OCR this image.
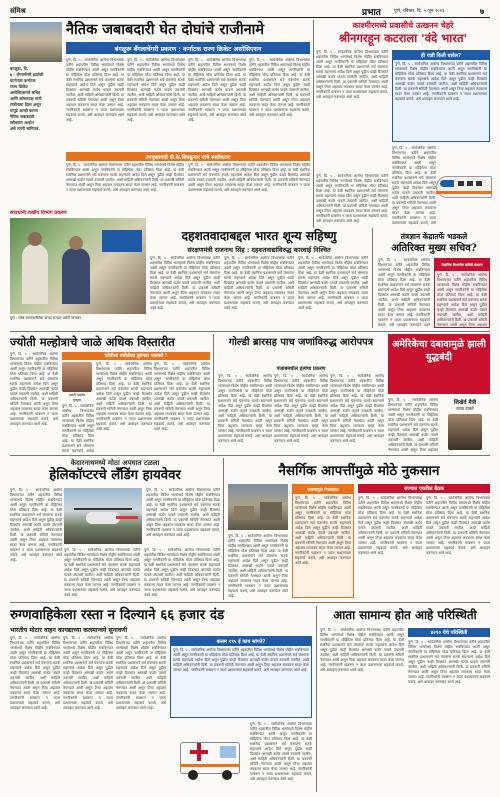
संमिश्र	प्रभात	पुणे, रविवार, दि. ५ जून २०२३	७
नैतिक जबाबदारी घेत दोघांचे राजीनामे
बंगळुरू बँगलाचेंगरी प्रकरण : कर्नाटक राज्य क्रिकेट असोसिएशन
बंगळुरू, दि.
७ - चेंगराचेंगरी झालेली
घटनेनंतर कर्नाटक
राज्य क्रिकेट
असोसिएशनचे सचिव
आणि कोषाध्यक्ष यांनी
राजीनामा दिला असून
यापुढे आम्ही कायम
नैतिक जबाबदारी
स्वीकारत आहोत
असे त्यांनी सांगितले.
पुणे, दि. ५ - सार्वजनिक आरोग्य विभागाच्या वतीने शहरातील विविध भागांमध्ये विशेष मोहीम राबविण्यात आली असून नागरिकांनी या मोहिमेला मोठा प्रतिसाद दिला आहे. या वेळी स्थानिक प्रशासनाने सर्व यंत्रणांना सतर्क राहण्याचे आदेश दिले असून पुढील काही दिवसांत आणखी कठोर पावले उचलली जातील, अशी माहिती अधिकाऱ्यांनी दिली. या प्रकरणी समिती नेमण्यात आली असून तिचा अहवाल लवकरच सादर केला जाणार आहे. नागरिकांनी घाबरून न जाता प्रशासनाला सहकार्य करावे, असे आवाहन करण्यात आले आहे.
पुणे, दि. ५ - सार्वजनिक आरोग्य विभागाच्या वतीने शहरातील विविध भागांमध्ये विशेष मोहीम राबविण्यात आली असून नागरिकांनी या मोहिमेला मोठा प्रतिसाद दिला आहे. या वेळी स्थानिक प्रशासनाने सर्व यंत्रणांना सतर्क राहण्याचे आदेश दिले असून पुढील काही दिवसांत आणखी कठोर पावले उचलली जातील, अशी माहिती अधिकाऱ्यांनी दिली. या प्रकरणी समिती नेमण्यात आली असून तिचा अहवाल लवकरच सादर केला जाणार आहे. नागरिकांनी घाबरून न जाता प्रशासनाला सहकार्य करावे, असे आवाहन करण्यात आले आहे.
पुणे, दि. ५ - सार्वजनिक आरोग्य विभागाच्या वतीने शहरातील विविध भागांमध्ये विशेष मोहीम राबविण्यात आली असून नागरिकांनी या मोहिमेला मोठा प्रतिसाद दिला आहे. या वेळी स्थानिक प्रशासनाने सर्व यंत्रणांना सतर्क राहण्याचे आदेश दिले असून पुढील काही दिवसांत आणखी कठोर पावले उचलली जातील, अशी माहिती अधिकाऱ्यांनी दिली. या प्रकरणी समिती नेमण्यात आली असून तिचा अहवाल लवकरच सादर केला जाणार आहे. नागरिकांनी घाबरून न जाता प्रशासनाला सहकार्य करावे, असे आवाहन करण्यात आले आहे.
पुणे, दि. ५ - सार्वजनिक आरोग्य विभागाच्या वतीने शहरातील विविध भागांमध्ये विशेष मोहीम राबविण्यात आली असून नागरिकांनी या मोहिमेला मोठा प्रतिसाद दिला आहे. या वेळी स्थानिक प्रशासनाने सर्व यंत्रणांना सतर्क राहण्याचे आदेश दिले असून पुढील काही दिवसांत आणखी कठोर पावले उचलली जातील, अशी माहिती अधिकाऱ्यांनी दिली. या प्रकरणी समिती नेमण्यात आली असून तिचा अहवाल लवकरच सादर केला जाणार आहे. नागरिकांनी घाबरून न जाता प्रशासनाला सहकार्य करावे, असे आवाहन करण्यात आले आहे.
उपमुख्यमंत्री डी.के.शिवकुमार यांचे स्पष्टीकरण
पुणे, दि. ५ - सार्वजनिक आरोग्य विभागाच्या वतीने शहरातील विविध भागांमध्ये विशेष मोहीम राबविण्यात आली असून नागरिकांनी या मोहिमेला मोठा प्रतिसाद दिला आहे. या वेळी स्थानिक प्रशासनाने सर्व यंत्रणांना सतर्क राहण्याचे आदेश दिले असून पुढील काही दिवसांत आणखी कठोर पावले उचलली जातील, अशी माहिती अधिकाऱ्यांनी दिली. या प्रकरणी समिती नेमण्यात आली असून तिचा अहवाल लवकरच सादर केला जाणार आहे. नागरिकांनी घाबरून न जाता प्रशासनाला सहकार्य करावे, असे आवाहन करण्यात आले आहे.
पुणे, दि. ५ - सार्वजनिक आरोग्य विभागाच्या वतीने शहरातील विविध भागांमध्ये विशेष मोहीम राबविण्यात आली असून नागरिकांनी या मोहिमेला मोठा प्रतिसाद दिला आहे. या वेळी स्थानिक प्रशासनाने सर्व यंत्रणांना सतर्क राहण्याचे आदेश दिले असून पुढील काही दिवसांत आणखी कठोर पावले उचलली जातील, अशी माहिती अधिकाऱ्यांनी दिली. या प्रकरणी समिती नेमण्यात आली असून तिचा अहवाल लवकरच सादर केला जाणार आहे. नागरिकांनी घाबरून न जाता प्रशासनाला सहकार्य करावे, असे आवाहन करण्यात आले आहे.
काश्मीरमध्ये प्रवासीचे उत्खनन चेहरे
श्रीनगरहून कटराला 'वंदे भारत'
पुणे, दि. ५ - सार्वजनिक आरोग्य विभागाच्या वतीने शहरातील विविध भागांमध्ये विशेष मोहीम राबविण्यात आली असून नागरिकांनी या मोहिमेला मोठा प्रतिसाद दिला आहे. या वेळी स्थानिक प्रशासनाने सर्व यंत्रणांना सतर्क राहण्याचे आदेश दिले असून पुढील काही दिवसांत आणखी कठोर पावले उचलली जातील, अशी माहिती अधिकाऱ्यांनी दिली. या प्रकरणी समिती नेमण्यात आली असून तिचा अहवाल लवकरच सादर केला जाणार आहे. नागरिकांनी घाबरून न जाता प्रशासनाला सहकार्य करावे, असे आवाहन करण्यात आले आहे.
ही गाडी किती धावेल?
पुणे, दि. ५ - सार्वजनिक आरोग्य विभागाच्या वतीने शहरातील विविध भागांमध्ये विशेष मोहीम राबविण्यात आली असून नागरिकांनी या मोहिमेला मोठा प्रतिसाद दिला आहे. या वेळी स्थानिक प्रशासनाने सर्व यंत्रणांना सतर्क राहण्याचे आदेश दिले असून पुढील काही दिवसांत आणखी कठोर पावले उचलली जातील, अशी माहिती अधिकाऱ्यांनी दिली. या प्रकरणी समिती नेमण्यात आली असून तिचा अहवाल लवकरच सादर केला जाणार आहे. नागरिकांनी घाबरून न जाता प्रशासनाला सहकार्य करावे, असे आवाहन करण्यात आले आहे.
पुणे, दि. ५ - सार्वजनिक आरोग्य विभागाच्या वतीने शहरातील विविध भागांमध्ये विशेष मोहीम राबविण्यात आली असून नागरिकांनी या मोहिमेला मोठा प्रतिसाद दिला आहे. या वेळी स्थानिक प्रशासनाने सर्व यंत्रणांना सतर्क राहण्याचे आदेश दिले असून पुढील काही दिवसांत आणखी कठोर पावले उचलली जातील, अशी माहिती अधिकाऱ्यांनी दिली. या प्रकरणी समिती नेमण्यात आली असून तिचा अहवाल लवकरच सादर केला जाणार आहे. नागरिकांनी घाबरून न जाता प्रशासनाला सहकार्य करावे, असे आवाहन करण्यात आले आहे.
पुणे, दि. ५ - सार्वजनिक आरोग्य विभागाच्या वतीने शहरातील विविध भागांमध्ये विशेष मोहीम राबविण्यात आली असून नागरिकांनी या मोहिमेला मोठा प्रतिसाद दिला आहे. या वेळी स्थानिक प्रशासनाने सर्व यंत्रणांना सतर्क राहण्याचे आदेश दिले असून पुढील काही दिवसांत आणखी कठोर पावले उचलली जातील, अशी माहिती अधिकाऱ्यांनी दिली. या प्रकरणी समिती नेमण्यात आली असून तिचा अहवाल लवकरच सादर केला जाणार आहे. नागरिकांनी घाबरून न जाता प्रशासनाला सहकार्य करावे, असे
सावधानी राखीव विभाग प्रकरण
पुणे : ज्येष्ठ स्वातंत्र्यसैनिक यांच्या सत्कार प्रसंगी मान्यवर.
दहशतवादाबद्दल भारत शून्य सहिष्णु
संरक्षणमंत्री राजनाथ सिंह : दहशतवाद्यांविरुद्ध कारवाई निश्चित
पुणे, दि. ५ - सार्वजनिक आरोग्य विभागाच्या वतीने शहरातील विविध भागांमध्ये विशेष मोहीम राबविण्यात आली असून नागरिकांनी या मोहिमेला मोठा प्रतिसाद दिला आहे. या वेळी स्थानिक प्रशासनाने सर्व यंत्रणांना सतर्क राहण्याचे आदेश दिले असून पुढील काही दिवसांत आणखी कठोर पावले उचलली जातील, अशी माहिती अधिकाऱ्यांनी दिली. या प्रकरणी समिती नेमण्यात आली असून तिचा अहवाल लवकरच सादर केला जाणार आहे. नागरिकांनी घाबरून न जाता प्रशासनाला सहकार्य करावे, असे आवाहन करण्यात आले आहे.
पुणे, दि. ५ - सार्वजनिक आरोग्य विभागाच्या वतीने शहरातील विविध भागांमध्ये विशेष मोहीम राबविण्यात आली असून नागरिकांनी या मोहिमेला मोठा प्रतिसाद दिला आहे. या वेळी स्थानिक प्रशासनाने सर्व यंत्रणांना सतर्क राहण्याचे आदेश दिले असून पुढील काही दिवसांत आणखी कठोर पावले उचलली जातील, अशी माहिती अधिकाऱ्यांनी दिली. या प्रकरणी समिती नेमण्यात आली असून तिचा अहवाल लवकरच सादर केला जाणार आहे. नागरिकांनी घाबरून न जाता प्रशासनाला सहकार्य करावे, असे आवाहन करण्यात आले आहे.
पुणे, दि. ५ - सार्वजनिक आरोग्य विभागाच्या वतीने शहरातील विविध भागांमध्ये विशेष मोहीम राबविण्यात आली असून नागरिकांनी या मोहिमेला मोठा प्रतिसाद दिला आहे. या वेळी स्थानिक प्रशासनाने सर्व यंत्रणांना सतर्क राहण्याचे आदेश दिले असून पुढील काही दिवसांत आणखी कठोर पावले उचलली जातील, अशी माहिती अधिकाऱ्यांनी दिली. या प्रकरणी समिती नेमण्यात आली असून तिचा अहवाल लवकरच सादर केला जाणार आहे. नागरिकांनी घाबरून न जाता प्रशासनाला सहकार्य करावे, असे आवाहन करण्यात आले आहे.
तंत्रज्ञान केंद्रातर्फे भडकले
अतिरिक्त मुख्य सचिव?
पुणे, दि. ५ - सार्वजनिक आरोग्य विभागाच्या वतीने शहरातील विविध भागांमध्ये विशेष मोहीम राबविण्यात आली असून नागरिकांनी या मोहिमेला मोठा प्रतिसाद दिला आहे. या वेळी स्थानिक प्रशासनाने सर्व यंत्रणांना सतर्क राहण्याचे आदेश दिले असून पुढील काही दिवसांत आणखी कठोर पावले उचलली जातील, अशी माहिती अधिकाऱ्यांनी दिली. या प्रकरणी समिती नेमण्यात आली असून तिचा अहवाल लवकरच सादर केला जाणार आहे. नागरिकांनी घाबरून न जाता प्रशासनाला सहकार्य करावे, असे आवाहन करण्यात आले
वैज्ञानिक विभागीय कमिटी प्रकरण
पुणे, दि. ५ - सार्वजनिक आरोग्य विभागाच्या वतीने शहरातील विविध भागांमध्ये विशेष मोहीम राबविण्यात आली असून नागरिकांनी या मोहिमेला मोठा प्रतिसाद दिला आहे. या वेळी स्थानिक प्रशासनाने सर्व यंत्रणांना सतर्क राहण्याचे आदेश दिले असून पुढील काही दिवसांत आणखी कठोर पावले उचलली जातील, अशी माहिती अधिकाऱ्यांनी दिली. या प्रकरणी समिती नेमण्यात आली असून तिचा अहवाल
ज्योती मल्होत्राचे जाळे अधिक विस्तारीत
कोठीला ज्योतीला तुरुंगात पाठवले !
पुणे, दि. ५ - सार्वजनिक आरोग्य विभागाच्या वतीने शहरातील विविध भागांमध्ये विशेष मोहीम राबविण्यात आली असून नागरिकांनी या मोहिमेला मोठा प्रतिसाद दिला आहे. या वेळी स्थानिक प्रशासनाने सर्व यंत्रणांना सतर्क राहण्याचे आदेश दिले असून पुढील काही दिवसांत आणखी कठोर पावले उचलली जातील, अशी माहिती अधिकाऱ्यांनी दिली. या प्रकरणी समिती नेमण्यात आली असून तिचा अहवाल लवकरच सादर केला जाणार आहे. नागरिकांनी घाबरून न जाता प्रशासनाला सहकार्य करावे, असे आवाहन करण्यात आले आहे.
ज्योती मल्होत्रा
युट्युबर
पुणे, दि. ५ - सार्वजनिक आरोग्य विभागाच्या वतीने शहरातील विविध भागांमध्ये विशेष मोहीम राबविण्यात आली असून नागरिकांनी या मोहिमेला मोठा प्रतिसाद दिला आहे. या वेळी स्थानिक प्रशासनाने सर्व यंत्रणांना सतर्क राहण्याचे आदेश दिले असून पुढील काही दिवसांत आणखी कठोर पावले उचलली जातील, अशी माहिती अधिकाऱ्यांनी दिली. या प्रकरणी समिती नेमण्यात आली असून तिचा अहवाल लवकरच सादर केला जाणार आहे. नागरिकांनी घाबरून न जाता प्रशासनाला सहकार्य करावे, असे आवाहन करण्यात आले आहे.
पुणे, दि. ५ - सार्वजनिक आरोग्य विभागाच्या वतीने शहरातील विविध भागांमध्ये विशेष मोहीम राबविण्यात आली असून नागरिकांनी या मोहिमेला मोठा प्रतिसाद दिला आहे. या वेळी स्थानिक प्रशासनाने सर्व यंत्रणांना सतर्क राहण्याचे आदेश दिले असून पुढील काही दिवसांत आणखी कठोर पावले उचलली जातील, अशी माहिती अधिकाऱ्यांनी दिली. या प्रकरणी समिती नेमण्यात आली असून तिचा अहवाल लवकरच सादर केला जाणार आहे. नागरिकांनी घाबरून न जाता प्रशासनाला सहकार्य करावे, असे आवाहन करण्यात आले आहे.
पुणे, दि. ५ - सार्वजनिक आरोग्य विभागाच्या वतीने शहरातील विविध भागांमध्ये विशेष मोहीम राबविण्यात आली असून नागरिकांनी या मोहिमेला मोठा प्रतिसाद दिला आहे. या वेळी स्थानिक प्रशासनाने सर्व यंत्रणांना सतर्क राहण्याचे आदेश
गोल्डी ब्रारसह पाच जणांविरुद्ध आरोपपत्र
पंजाबमधील हत्येचा प्रकरण
पुणे, दि. ५ - सार्वजनिक आरोग्य विभागाच्या वतीने शहरातील विविध भागांमध्ये विशेष मोहीम राबविण्यात आली असून नागरिकांनी या मोहिमेला मोठा प्रतिसाद दिला आहे. या वेळी स्थानिक प्रशासनाने सर्व यंत्रणांना सतर्क राहण्याचे आदेश दिले असून पुढील काही दिवसांत आणखी कठोर पावले उचलली जातील, अशी माहिती अधिकाऱ्यांनी दिली. या प्रकरणी समिती नेमण्यात आली असून तिचा अहवाल लवकरच सादर केला जाणार आहे. नागरिकांनी घाबरून न जाता प्रशासनाला सहकार्य करावे, असे आवाहन करण्यात आले आहे.
पुणे, दि. ५ - सार्वजनिक आरोग्य विभागाच्या वतीने शहरातील विविध भागांमध्ये विशेष मोहीम राबविण्यात आली असून नागरिकांनी या मोहिमेला मोठा प्रतिसाद दिला आहे. या वेळी स्थानिक प्रशासनाने सर्व यंत्रणांना सतर्क राहण्याचे आदेश दिले असून पुढील काही दिवसांत आणखी कठोर पावले उचलली जातील, अशी माहिती अधिकाऱ्यांनी दिली. या प्रकरणी समिती नेमण्यात आली असून तिचा अहवाल लवकरच सादर केला जाणार आहे. नागरिकांनी घाबरून न जाता प्रशासनाला सहकार्य करावे, असे आवाहन करण्यात आले आहे.
पुणे, दि. ५ - सार्वजनिक आरोग्य विभागाच्या वतीने शहरातील विविध भागांमध्ये विशेष मोहीम राबविण्यात आली असून नागरिकांनी या मोहिमेला मोठा प्रतिसाद दिला आहे. या वेळी स्थानिक प्रशासनाने सर्व यंत्रणांना सतर्क राहण्याचे आदेश दिले असून पुढील काही दिवसांत आणखी कठोर पावले उचलली जातील, अशी माहिती अधिकाऱ्यांनी दिली. या प्रकरणी समिती नेमण्यात आली असून तिचा अहवाल लवकरच सादर केला जाणार आहे. नागरिकांनी घाबरून न जाता प्रशासनाला सहकार्य करावे, असे आवाहन करण्यात आले आहे.
अमेरिकेचा दबावामुळे झाली युद्धबंदी
पुणे, दि. ५ - सार्वजनिक आरोग्य विभागाच्या वतीने शहरातील विविध भागांमध्ये विशेष मोहीम राबविण्यात आली असून नागरिकांनी या मोहिमेला मोठा प्रतिसाद दिला आहे. या वेळी स्थानिक प्रशासनाने सर्व यंत्रणांना सतर्क राहण्याचे आदेश दिले असून पुढील काही दिवसांत आणखी कठोर पावले उचलली जातील, अशी माहिती अधिकाऱ्यांनी दिली. या प्रकरणी समिती नेमण्यात आली असून तिचा अहवाल
शिखेर्व मैत्री
राघव ठाकरे
केदारनाथमध्ये मोठा अपघात टळला
हेलिकॉप्टरचे लँडिंग हायवेवर
पुणे, दि. ५ - सार्वजनिक आरोग्य विभागाच्या वतीने शहरातील विविध भागांमध्ये विशेष मोहीम राबविण्यात आली असून नागरिकांनी या मोहिमेला मोठा प्रतिसाद दिला आहे. या वेळी स्थानिक प्रशासनाने सर्व यंत्रणांना सतर्क राहण्याचे आदेश दिले असून पुढील काही दिवसांत आणखी कठोर पावले उचलली जातील, अशी माहिती अधिकाऱ्यांनी दिली. या प्रकरणी समिती नेमण्यात आली असून तिचा अहवाल लवकरच सादर केला जाणार आहे. नागरिकांनी घाबरून न जाता प्रशासनाला सहकार्य करावे, असे आवाहन करण्यात आले आहे.
पुणे, दि. ५ - सार्वजनिक आरोग्य विभागाच्या वतीने शहरातील विविध भागांमध्ये विशेष मोहीम राबविण्यात आली असून नागरिकांनी या मोहिमेला मोठा प्रतिसाद दिला आहे. या वेळी स्थानिक प्रशासनाने सर्व यंत्रणांना सतर्क राहण्याचे आदेश दिले असून पुढील काही दिवसांत आणखी कठोर पावले उचलली जातील, अशी माहिती अधिकाऱ्यांनी दिली. या प्रकरणी समिती नेमण्यात आली असून तिचा अहवाल लवकरच सादर केला जाणार आहे. नागरिकांनी घाबरून न जाता प्रशासनाला सहकार्य करावे, असे आवाहन करण्यात आले आहे.
पुणे, दि. ५ - सार्वजनिक आरोग्य विभागाच्या वतीने शहरातील विविध भागांमध्ये विशेष मोहीम राबविण्यात आली असून नागरिकांनी या मोहिमेला मोठा प्रतिसाद दिला आहे. या वेळी स्थानिक प्रशासनाने सर्व यंत्रणांना सतर्क राहण्याचे आदेश दिले असून पुढील काही दिवसांत आणखी कठोर पावले उचलली जातील, अशी माहिती अधिकाऱ्यांनी दिली. या प्रकरणी समिती नेमण्यात आली असून तिचा अहवाल लवकरच सादर केला जाणार आहे. नागरिकांनी घाबरून न जाता प्रशासनाला सहकार्य करावे, असे आवाहन करण्यात आले आहे.
पुणे, दि. ५ - सार्वजनिक आरोग्य विभागाच्या वतीने शहरातील विविध भागांमध्ये विशेष मोहीम राबविण्यात आली असून नागरिकांनी या मोहिमेला मोठा प्रतिसाद दिला आहे. या वेळी स्थानिक प्रशासनाने सर्व यंत्रणांना सतर्क राहण्याचे आदेश दिले असून पुढील काही दिवसांत आणखी कठोर पावले उचलली जातील, अशी माहिती अधिकाऱ्यांनी दिली. या प्रकरणी समिती नेमण्यात आली असून तिचा अहवाल लवकरच सादर केला जाणार आहे. नागरिकांनी घाबरून न जाता प्रशासनाला सहकार्य करावे, असे आवाहन करण्यात आले आहे.
नैसर्गिक आपत्तींमुळे मोठे नुकसान
पुणे, दि. ५ - सार्वजनिक आरोग्य विभागाच्या वतीने शहरातील विविध भागांमध्ये विशेष मोहीम राबविण्यात आली असून नागरिकांनी या मोहिमेला मोठा प्रतिसाद दिला आहे. या वेळी स्थानिक प्रशासनाने सर्व यंत्रणांना सतर्क राहण्याचे आदेश दिले असून पुढील काही दिवसांत आणखी कठोर पावले उचलली जातील, अशी माहिती अधिकाऱ्यांनी दिली. या प्रकरणी समिती नेमण्यात आली असून तिचा अहवाल लवकरच सादर केला जाणार आहे. नागरिकांनी घाबरून न जाता प्रशासनाला सहकार्य करावे, असे आवाहन करण्यात आले आहे.
पावसामुळे गंगावाहक
पुणे, दि. ५ - सार्वजनिक आरोग्य विभागाच्या वतीने शहरातील विविध भागांमध्ये विशेष मोहीम राबविण्यात आली असून नागरिकांनी या मोहिमेला मोठा प्रतिसाद दिला आहे. या वेळी स्थानिक प्रशासनाने सर्व यंत्रणांना सतर्क राहण्याचे आदेश दिले असून पुढील काही दिवसांत आणखी कठोर पावले उचलली जातील, अशी माहिती अधिकाऱ्यांनी दिली. या प्रकरणी समिती नेमण्यात आली असून तिचा अहवाल लवकरच सादर केला जाणार आहे. नागरिकांनी घाबरून न जाता प्रशासनाला सहकार्य करावे, असे आवाहन करण्यात आले आहे.
राज्यात एकत्रित बैठक
पुणे, दि. ५ - सार्वजनिक आरोग्य विभागाच्या वतीने शहरातील विविध भागांमध्ये विशेष मोहीम राबविण्यात आली असून नागरिकांनी या मोहिमेला मोठा प्रतिसाद दिला आहे. या वेळी स्थानिक प्रशासनाने सर्व यंत्रणांना सतर्क राहण्याचे आदेश दिले असून पुढील काही दिवसांत आणखी कठोर पावले उचलली जातील, अशी माहिती अधिकाऱ्यांनी दिली. या प्रकरणी समिती नेमण्यात आली असून तिचा अहवाल लवकरच सादर केला जाणार आहे. नागरिकांनी घाबरून न जाता प्रशासनाला सहकार्य करावे, असे आवाहन करण्यात आले आहे.
पुणे, दि. ५ - सार्वजनिक आरोग्य विभागाच्या वतीने शहरातील विविध भागांमध्ये विशेष मोहीम राबविण्यात आली असून नागरिकांनी या मोहिमेला मोठा प्रतिसाद दिला आहे. या वेळी स्थानिक प्रशासनाने सर्व यंत्रणांना सतर्क राहण्याचे आदेश दिले असून पुढील काही दिवसांत आणखी कठोर पावले उचलली जातील, अशी माहिती अधिकाऱ्यांनी दिली. या प्रकरणी समिती नेमण्यात आली असून तिचा अहवाल लवकरच सादर केला जाणार आहे. नागरिकांनी घाबरून न जाता प्रशासनाला सहकार्य करावे, असे आवाहन करण्यात आले आहे.
रुग्णवाहिकेला रस्ता न दिल्याने ६६ हजार दंड
भारतीय मोटार वाहन कायद्याच्या कलमान्वये सुनावणी
पुणे, दि. ५ - सार्वजनिक आरोग्य विभागाच्या वतीने शहरातील विविध भागांमध्ये विशेष मोहीम राबविण्यात आली असून नागरिकांनी या मोहिमेला मोठा प्रतिसाद दिला आहे. या वेळी स्थानिक प्रशासनाने सर्व यंत्रणांना सतर्क राहण्याचे आदेश दिले असून पुढील काही दिवसांत आणखी कठोर पावले उचलली जातील, अशी माहिती अधिकाऱ्यांनी दिली. या प्रकरणी समिती नेमण्यात आली असून तिचा अहवाल लवकरच सादर केला जाणार आहे. नागरिकांनी घाबरून न जाता प्रशासनाला सहकार्य करावे, असे आवाहन करण्यात आले आहे.
पुणे, दि. ५ - सार्वजनिक आरोग्य विभागाच्या वतीने शहरातील विविध भागांमध्ये विशेष मोहीम राबविण्यात आली असून नागरिकांनी या मोहिमेला मोठा प्रतिसाद दिला आहे. या वेळी स्थानिक प्रशासनाने सर्व यंत्रणांना सतर्क राहण्याचे आदेश दिले असून पुढील काही दिवसांत आणखी कठोर पावले उचलली जातील, अशी माहिती अधिकाऱ्यांनी दिली. या प्रकरणी समिती नेमण्यात आली असून तिचा अहवाल लवकरच सादर केला जाणार आहे. नागरिकांनी घाबरून न जाता प्रशासनाला सहकार्य करावे, असे आवाहन करण्यात आले आहे.
पुणे, दि. ५ - सार्वजनिक आरोग्य विभागाच्या वतीने शहरातील विविध भागांमध्ये विशेष मोहीम राबविण्यात आली असून नागरिकांनी या मोहिमेला मोठा प्रतिसाद दिला आहे. या वेळी स्थानिक प्रशासनाने सर्व यंत्रणांना सतर्क राहण्याचे आदेश दिले असून पुढील काही दिवसांत आणखी कठोर पावले उचलली जातील, अशी माहिती अधिकाऱ्यांनी दिली. या प्रकरणी समिती नेमण्यात आली असून तिचा अहवाल लवकरच सादर केला जाणार आहे. नागरिकांनी घाबरून न जाता प्रशासनाला सहकार्य करावे, असे आवाहन करण्यात आले आहे.
कलम १९५ ई काय सांगते?
पुणे, दि. ५ - सार्वजनिक आरोग्य विभागाच्या वतीने शहरातील विविध भागांमध्ये विशेष मोहीम राबविण्यात आली असून नागरिकांनी या मोहिमेला मोठा प्रतिसाद दिला आहे. या वेळी स्थानिक प्रशासनाने सर्व यंत्रणांना सतर्क राहण्याचे आदेश दिले असून पुढील काही दिवसांत आणखी कठोर पावले उचलली जातील, अशी माहिती अधिकाऱ्यांनी दिली. या प्रकरणी समिती नेमण्यात आली असून तिचा अहवाल लवकरच सादर केला जाणार आहे. नागरिकांनी घाबरून न जाता प्रशासनाला सहकार्य करावे, असे आवाहन करण्यात आले आहे.
पुणे, दि. ५ - सार्वजनिक आरोग्य विभागाच्या वतीने शहरातील विविध भागांमध्ये विशेष मोहीम राबविण्यात आली असून नागरिकांनी या मोहिमेला मोठा प्रतिसाद दिला आहे. या वेळी स्थानिक प्रशासनाने सर्व यंत्रणांना सतर्क राहण्याचे आदेश दिले असून पुढील काही दिवसांत आणखी कठोर पावले उचलली जातील, अशी माहिती अधिकाऱ्यांनी दिली. या प्रकरणी समिती नेमण्यात आली असून तिचा अहवाल लवकरच सादर केला जाणार आहे. नागरिकांनी घाबरून न जाता प्रशासनाला सहकार्य करावे, असे आवाहन करण्यात आले आहे.
आता सामान्य होत आहे परिस्थिती
पुणे, दि. ५ - सार्वजनिक आरोग्य विभागाच्या वतीने शहरातील विविध भागांमध्ये विशेष मोहीम राबविण्यात आली असून नागरिकांनी या मोहिमेला मोठा प्रतिसाद दिला आहे. या वेळी स्थानिक प्रशासनाने सर्व यंत्रणांना सतर्क राहण्याचे आदेश दिले असून पुढील काही दिवसांत आणखी कठोर पावले उचलली जातील, अशी माहिती अधिकाऱ्यांनी दिली. या प्रकरणी समिती नेमण्यात आली असून तिचा अहवाल लवकरच सादर केला जाणार आहे. नागरिकांनी घाबरून न जाता प्रशासनाला सहकार्य करावे, असे आवाहन करण्यात आले आहे.
४२९० येथे परिस्थिती
पुणे, दि. ५ - सार्वजनिक आरोग्य विभागाच्या वतीने शहरातील विविध भागांमध्ये विशेष मोहीम राबविण्यात आली असून नागरिकांनी या मोहिमेला मोठा प्रतिसाद दिला आहे. या वेळी स्थानिक प्रशासनाने सर्व यंत्रणांना सतर्क राहण्याचे आदेश दिले असून पुढील काही दिवसांत आणखी कठोर पावले उचलली जातील, अशी माहिती अधिकाऱ्यांनी दिली. या प्रकरणी समिती नेमण्यात आली असून तिचा अहवाल लवकरच सादर केला जाणार आहे. नागरिकांनी घाबरून न जाता प्रशासनाला सहकार्य करावे, असे आवाहन करण्यात आले आहे.
